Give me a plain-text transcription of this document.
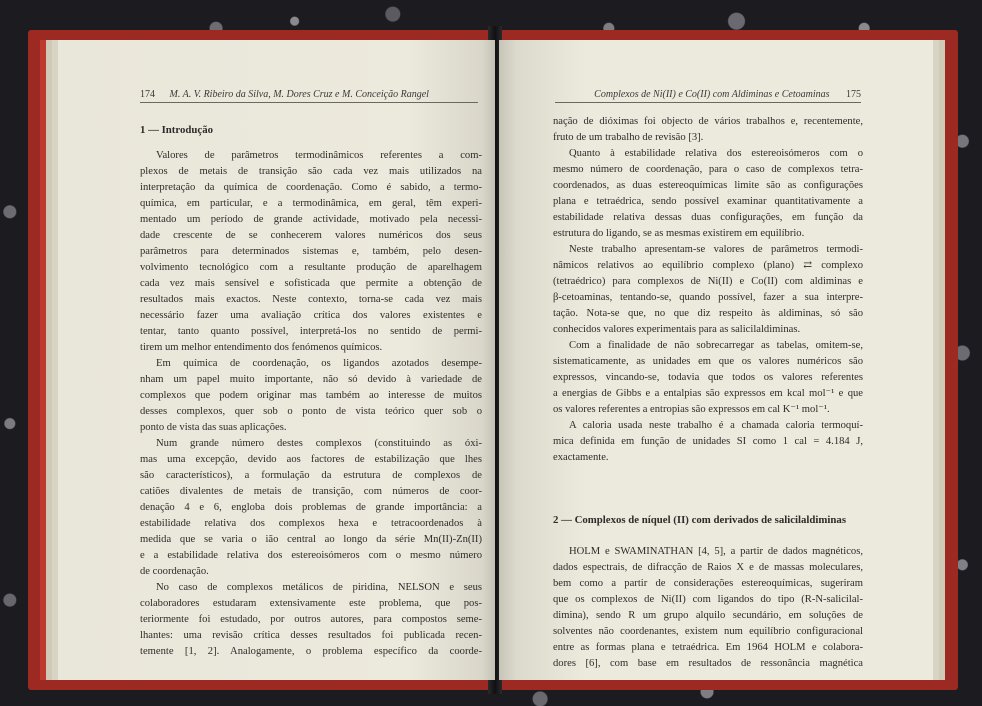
174 M. A. V. Ribeiro da Silva, M. Dores Cruz e M. Conceição Rangel
1 — Introdução
Valores de parâmetros termodinâmicos referentes a com-
plexos de metais de transição são cada vez mais utilizados na
interpretação da química de coordenação. Como é sabido, a termo-
química, em particular, e a termodinâmica, em geral, têm experi-
mentado um período de grande actividade, motivado pela necessi-
dade crescente de se conhecerem valores numéricos dos seus
parâmetros para determinados sistemas e, também, pelo desen-
volvimento tecnológico com a resultante produção de aparelhagem
cada vez mais sensível e sofisticada que permite a obtenção de
resultados mais exactos. Neste contexto, torna-se cada vez mais
necessário fazer uma avaliação crítica dos valores existentes e
tentar, tanto quanto possível, interpretá-los no sentido de permi-
tirem um melhor entendimento dos fenómenos químicos.
Em química de coordenação, os ligandos azotados desempe-
nham um papel muito importante, não só devido à variedade de
complexos que podem originar mas também ao interesse de muitos
desses complexos, quer sob o ponto de vista teórico quer sob o
ponto de vista das suas aplicações.
Num grande número destes complexos (constituindo as óxi-
mas uma excepção, devido aos factores de estabilização que lhes
são característicos), a formulação da estrutura de complexos de
catiões divalentes de metais de transição, com números de coor-
denação 4 e 6, engloba dois problemas de grande importância: a
estabilidade relativa dos complexos hexa e tetracoordenados à
medida que se varia o ião central ao longo da série Mn(II)-Zn(II)
e a estabilidade relativa dos estereoisómeros com o mesmo número
de coordenação.
No caso de complexos metálicos de piridina, NELSON e seus
colaboradores estudaram extensivamente este problema, que pos-
teriormente foi estudado, por outros autores, para compostos seme-
lhantes: uma revisão crítica desses resultados foi publicada recen-
temente [1, 2]. Analogamente, o problema específico da coorde-
Complexos de Ni(II) e Co(II) com Aldiminas e Cetoaminas 175
nação de dióximas foi objecto de vários trabalhos e, recentemente,
fruto de um trabalho de revisão [3].
Quanto à estabilidade relativa dos estereoisómeros com o
mesmo número de coordenação, para o caso de complexos tetra-
coordenados, as duas estereoquímicas limite são as configurações
plana e tetraédrica, sendo possível examinar quantitativamente a
estabilidade relativa dessas duas configurações, em função da
estrutura do ligando, se as mesmas existirem em equilíbrio.
Neste trabalho apresentam-se valores de parâmetros termodi-
nâmicos relativos ao equilíbrio complexo (plano) ⇄ complexo
(tetraédrico) para complexos de Ni(II) e Co(II) com aldiminas e
β-cetoaminas, tentando-se, quando possível, fazer a sua interpre-
tação. Nota-se que, no que diz respeito às aldiminas, só são
conhecidos valores experimentais para as salicilaldiminas.
Com a finalidade de não sobrecarregar as tabelas, omitem-se,
sistematicamente, as unidades em que os valores numéricos são
expressos, vincando-se, todavia que todos os valores referentes
a energias de Gibbs e a entalpias são expressos em kcal mol⁻¹ e que
os valores referentes a entropias são expressos em cal K⁻¹ mol⁻¹.
A caloria usada neste trabalho é a chamada caloria termoquí-
mica definida em função de unidades SI como 1 cal = 4.184 J,
exactamente.
2 — Complexos de níquel (II) com derivados de salicilaldiminas
HOLM e SWAMINATHAN [4, 5], a partir de dados magnéticos,
dados espectrais, de difracção de Raios X e de massas moleculares,
bem como a partir de considerações estereoquímicas, sugeriram
que os complexos de Ni(II) com ligandos do tipo (R-N-salicilal-
dimina), sendo R um grupo alquilo secundário, em soluções de
solventes não coordenantes, existem num equilíbrio configuracional
entre as formas plana e tetraédrica. Em 1964 HOLM e colabora-
dores [6], com base em resultados de ressonância magnética
